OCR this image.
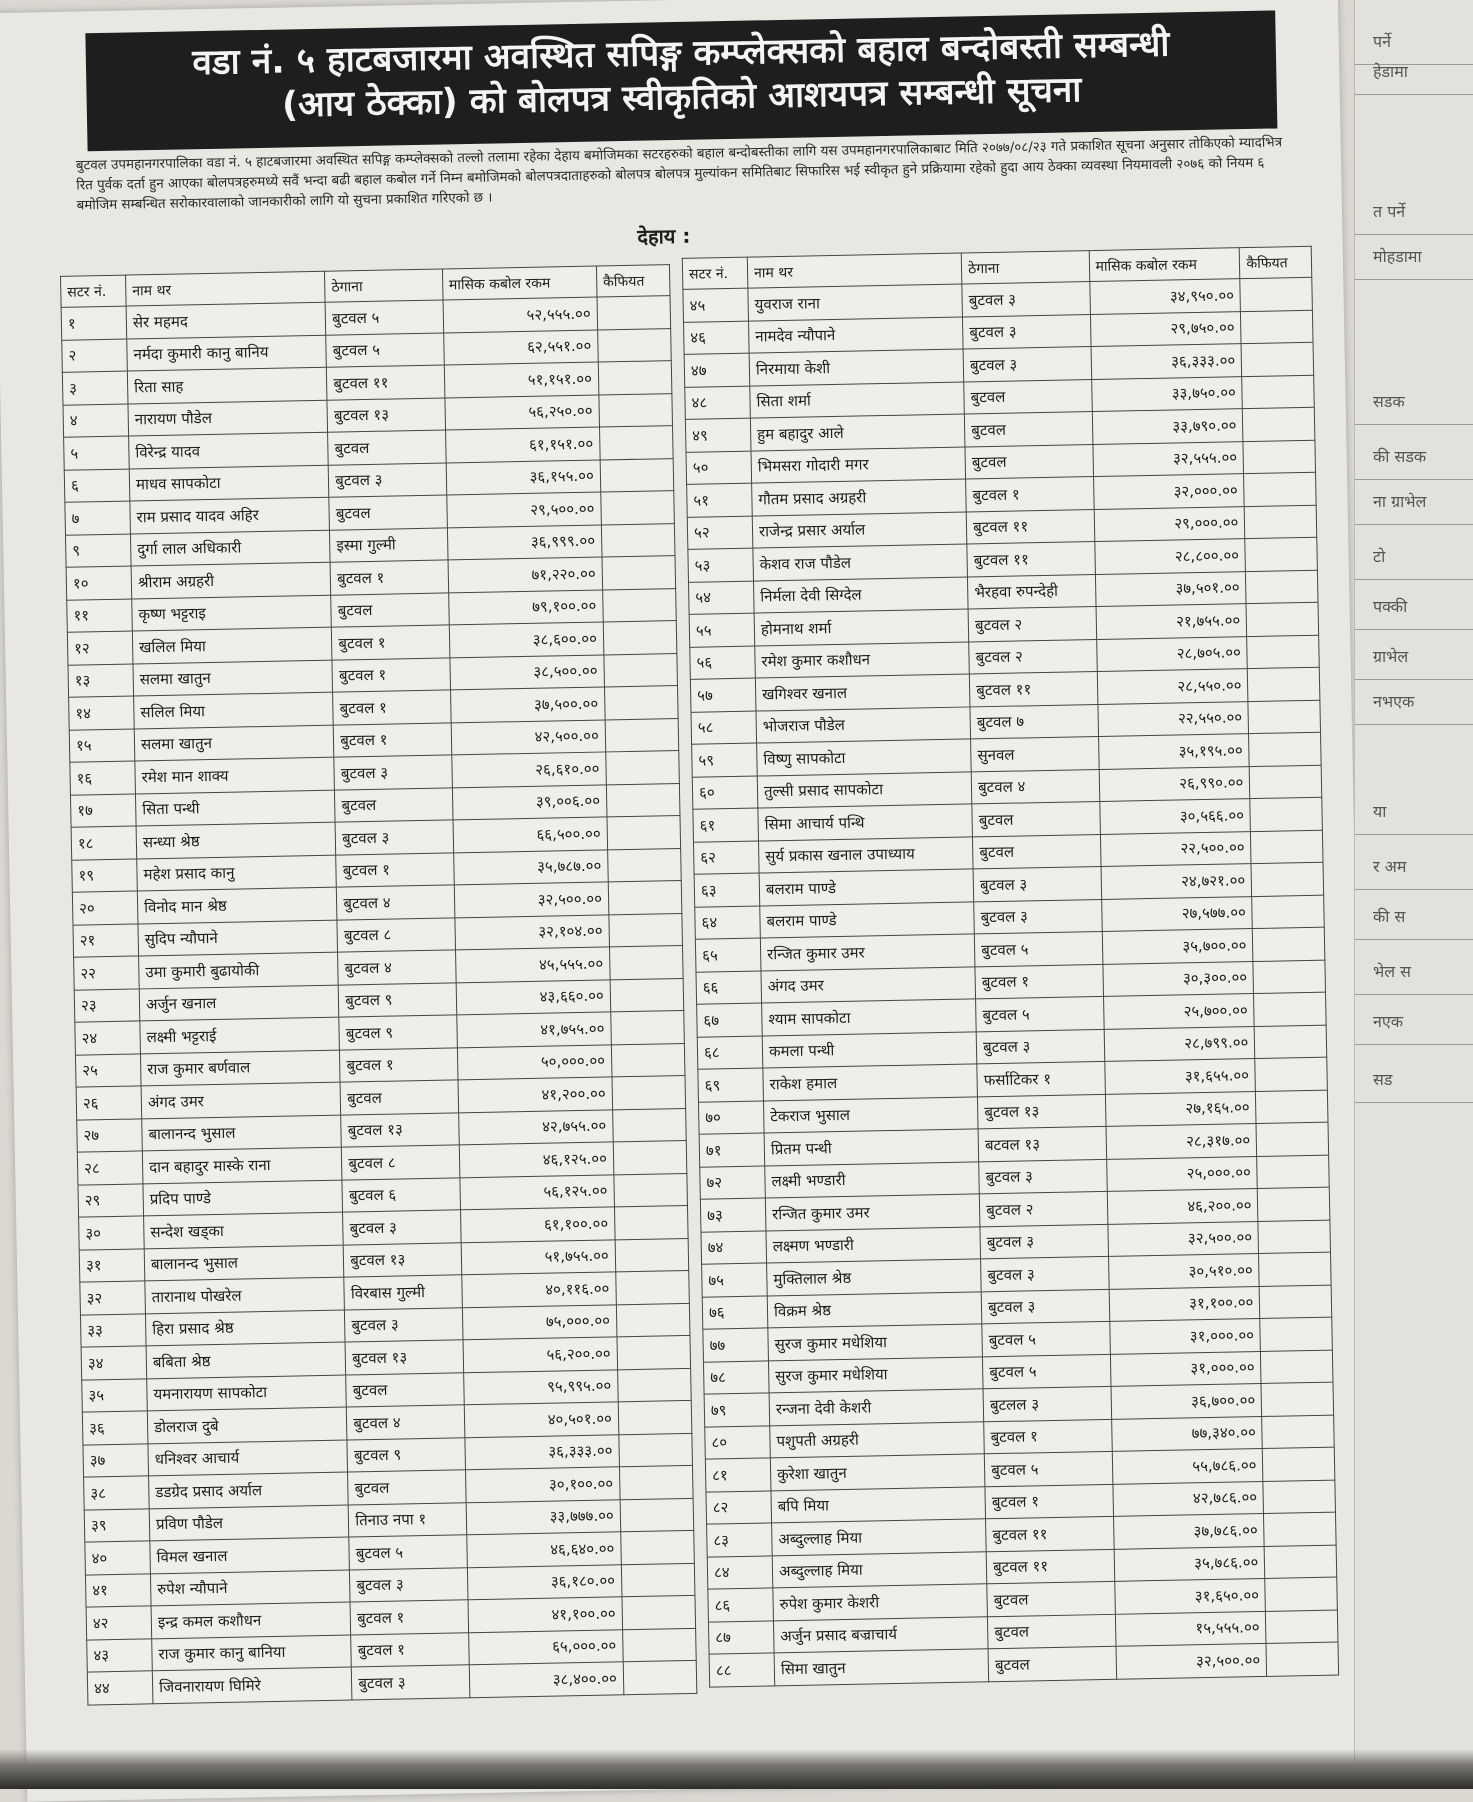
वडा नं. ५ हाटबजारमा अवस्थित सपिङ्ग कम्प्लेक्सको बहाल बन्दोबस्ती सम्बन्धी
(आय ठेक्का) को बोलपत्र स्वीकृतिको आशयपत्र सम्बन्धी सूचना
बुटवल उपमहानगरपालिका वडा नं. ५ हाटबजारमा अवस्थित सपिङ्ग कम्प्लेक्सको तल्लो तलामा रहेका देहाय बमोजिमका सटरहरुको बहाल बन्दोबस्तीका लागि यस उपमहानगरपालिकाबाट मिति २०७७/०८/२३ गते प्रकाशित सूचना अनुसार तोकिएको म्यादभित्र रित पुर्वक दर्ता हुन आएका बोलपत्रहरुमध्ये सवैं भन्दा बढी बहाल कबोल गर्ने निम्न बमोजिमको बोलपत्रदाताहरुको बोलपत्र बोलपत्र मुल्यांकन समितिबाट सिफारिस भई स्वीकृत हुने प्रक्रियामा रहेको हुदा आय ठेक्का व्यवस्था नियमावली २०७६ को नियम ६ बमोजिम सम्बन्धित सरोकारवालाको जानकारीको लागि यो सुचना प्रकाशित गरिएको छ ।
देहाय :
सटर नं.	नाम थर	ठेगाना	मासिक कबोल रकम	कैफियत
१	सेर महमद	बुटवल ५	५२,५५५.००	
२	नर्मदा कुमारी कानु बानिय	बुटवल ५	६२,५५१.००	
३	रिता साह	बुटवल ११	५१,१५१.००	
४	नारायण पौडेल	बुटवल १३	५६,२५०.००	
५	विरेन्द्र यादव	बुटवल	६१,१५१.००	
६	माधव सापकोटा	बुटवल ३	३६,१५५.००	
७	राम प्रसाद यादव अहिर	बुटवल	२९,५००.००	
९	दुर्गा लाल अधिकारी	इस्मा गुल्मी	३६,९९९.००	
१०	श्रीराम अग्रहरी	बुटवल १	७१,२२०.००	
११	कृष्ण भट्टराइ	बुटवल	७९,१००.००	
१२	खलिल मिया	बुटवल १	३८,६००.००	
१३	सलमा खातुन	बुटवल १	३८,५००.००	
१४	सलिल मिया	बुटवल १	३७,५००.००	
१५	सलमा खातुन	बुटवल १	४२,५००.००	
१६	रमेश मान शाक्य	बुटवल ३	२६,६१०.००	
१७	सिता पन्थी	बुटवल	३९,००६.००	
१८	सन्ध्या श्रेष्ठ	बुटवल ३	६६,५००.००	
१९	महेश प्रसाद कानु	बुटवल १	३५,७८७.००	
२०	विनोद मान श्रेष्ठ	बुटवल ४	३२,५००.००	
२१	सुदिप न्यौपाने	बुटवल ८	३२,१०४.००	
२२	उमा कुमारी बुढायोकी	बुटवल ४	४५,५५५.००	
२३	अर्जुन खनाल	बुटवल ९	४३,६६०.००	
२४	लक्ष्मी भट्टराई	बुटवल ९	४१,७५५.००	
२५	राज कुमार बर्णवाल	बुटवल १	५०,०००.००	
२६	अंगद उमर	बुटवल	४१,२००.००	
२७	बालानन्द भुसाल	बुटवल १३	४२,७५५.००	
२८	दान बहादुर मास्के राना	बुटवल ८	४६,१२५.००	
२९	प्रदिप पाण्डे	बुटवल ६	५६,१२५.००	
३०	सन्देश खड्का	बुटवल ३	६१,१००.००	
३१	बालानन्द भुसाल	बुटवल १३	५१,७५५.००	
३२	तारानाथ पोखरेल	विरबास गुल्मी	४०,११६.००	
३३	हिरा प्रसाद श्रेष्ठ	बुटवल ३	७५,०००.००	
३४	बबिता श्रेष्ठ	बुटवल १३	५६,२००.००	
३५	यमनारायण सापकोटा	बुटवल	९५,९९५.००	
३६	डोलराज दुबे	बुटवल ४	४०,५०१.००	
३७	धनिश्वर आचार्य	बुटवल ९	३६,३३३.००	
३८	डडग्रेद प्रसाद अर्याल	बुटवल	३०,१००.००	
३९	प्रविण पौडेल	तिनाउ नपा १	३३,७७७.००	
४०	विमल खनाल	बुटवल ५	४६,६४०.००	
४१	रुपेश न्यौपाने	बुटवल ३	३६,१८०.००	
४२	इन्द्र कमल कशौधन	बुटवल १	४१,१००.००	
४३	राज कुमार कानु बानिया	बुटवल १	६५,०००.००	
४४	जिवनारायण घिमिरे	बुटवल ३	३८,४००.००	
सटर नं.	नाम थर	ठेगाना	मासिक कबोल रकम	कैफियत
४५	युवराज राना	बुटवल ३	३४,९५०.००	
४६	नामदेव न्यौपाने	बुटवल ३	२९,७५०.००	
४७	निरमाया केशी	बुटवल ३	३६,३३३.००	
४८	सिता शर्मा	बुटवल	३३,७५०.००	
४९	हुम बहादुर आले	बुटवल	३३,७९०.००	
५०	भिमसरा गोदारी मगर	बुटवल	३२,५५५.००	
५१	गौतम प्रसाद अग्रहरी	बुटवल १	३२,०००.००	
५२	राजेन्द्र प्रसार अर्याल	बुटवल ११	२९,०००.००	
५३	केशव राज पौडेल	बुटवल ११	२८,८००.००	
५४	निर्मला देवी सिग्देल	भैरहवा रुपन्देही	३७,५०१.००	
५५	होमनाथ शर्मा	बुटवल २	२१,७५५.००	
५६	रमेश कुमार कशौधन	बुटवल २	२८,७०५.००	
५७	खगिश्वर खनाल	बुटवल ११	२८,५५०.००	
५८	भोजराज पौडेल	बुटवल ७	२२,५५०.००	
५९	विष्णु सापकोटा	सुनवल	३५,१९५.००	
६०	तुल्सी प्रसाद सापकोटा	बुटवल ४	२६,९९०.००	
६१	सिमा आचार्य पन्थि	बुटवल	३०,५६६.००	
६२	सुर्य प्रकास खनाल उपाध्याय	बुटवल	२२,५००.००	
६३	बलराम पाण्डे	बुटवल ३	२४,७२१.००	
६४	बलराम पाण्डे	बुटवल ३	२७,५७७.००	
६५	रन्जित कुमार उमर	बुटवल ५	३५,७००.००	
६६	अंगद उमर	बुटवल १	३०,३००.००	
६७	श्याम सापकोटा	बुटवल ५	२५,७००.००	
६८	कमला पन्थी	बुटवल ३	२८,७९९.००	
६९	राकेश हमाल	फर्साटिकर १	३१,६५५.००	
७०	टेकराज भुसाल	बुटवल १३	२७,१६५.००	
७१	प्रितम पन्थी	बटवल १३	२८,३१७.००	
७२	लक्ष्मी भण्डारी	बुटवल ३	२५,०००.००	
७३	रन्जित कुमार उमर	बुटवल २	४६,२००.००	
७४	लक्ष्मण भण्डारी	बुटवल ३	३२,५००.००	
७५	मुक्तिलाल श्रेष्ठ	बुटवल ३	३०,५१०.००	
७६	विक्रम श्रेष्ठ	बुटवल ३	३१,१००.००	
७७	सुरज कुमार मधेशिया	बुटवल ५	३१,०००.००	
७८	सुरज कुमार मधेशिया	बुटवल ५	३१,०००.००	
७९	रन्जना देवी केशरी	बुटलल ३	३६,७००.००	
८०	पशुपती अग्रहरी	बुटवल १	७७,३४०.००	
८१	कुरेशा खातुन	बुटवल ५	५५,७८६.००	
८२	बपि मिया	बुटवल १	४२,७८६.००	
८३	अब्दुल्लाह मिया	बुटवल ११	३७,७८६.००	
८४	अब्दुल्लाह मिया	बुटवल ११	३५,७८६.००	
८६	रुपेश कुमार केशरी	बुटवल	३१,६५०.००	
८७	अर्जुन प्रसाद बज्राचार्य	बुटवल	१५,५५५.००	
८८	सिमा खातुन	बुटवल	३२,५००.००	
पर्ने
हेडामा
त पर्ने
मोहडामा
सडक
की सडक
ना ग्राभेल
टो
पक्की
ग्राभेल
नभएक
या
र अम
की स
भेल स
नएक
सड
